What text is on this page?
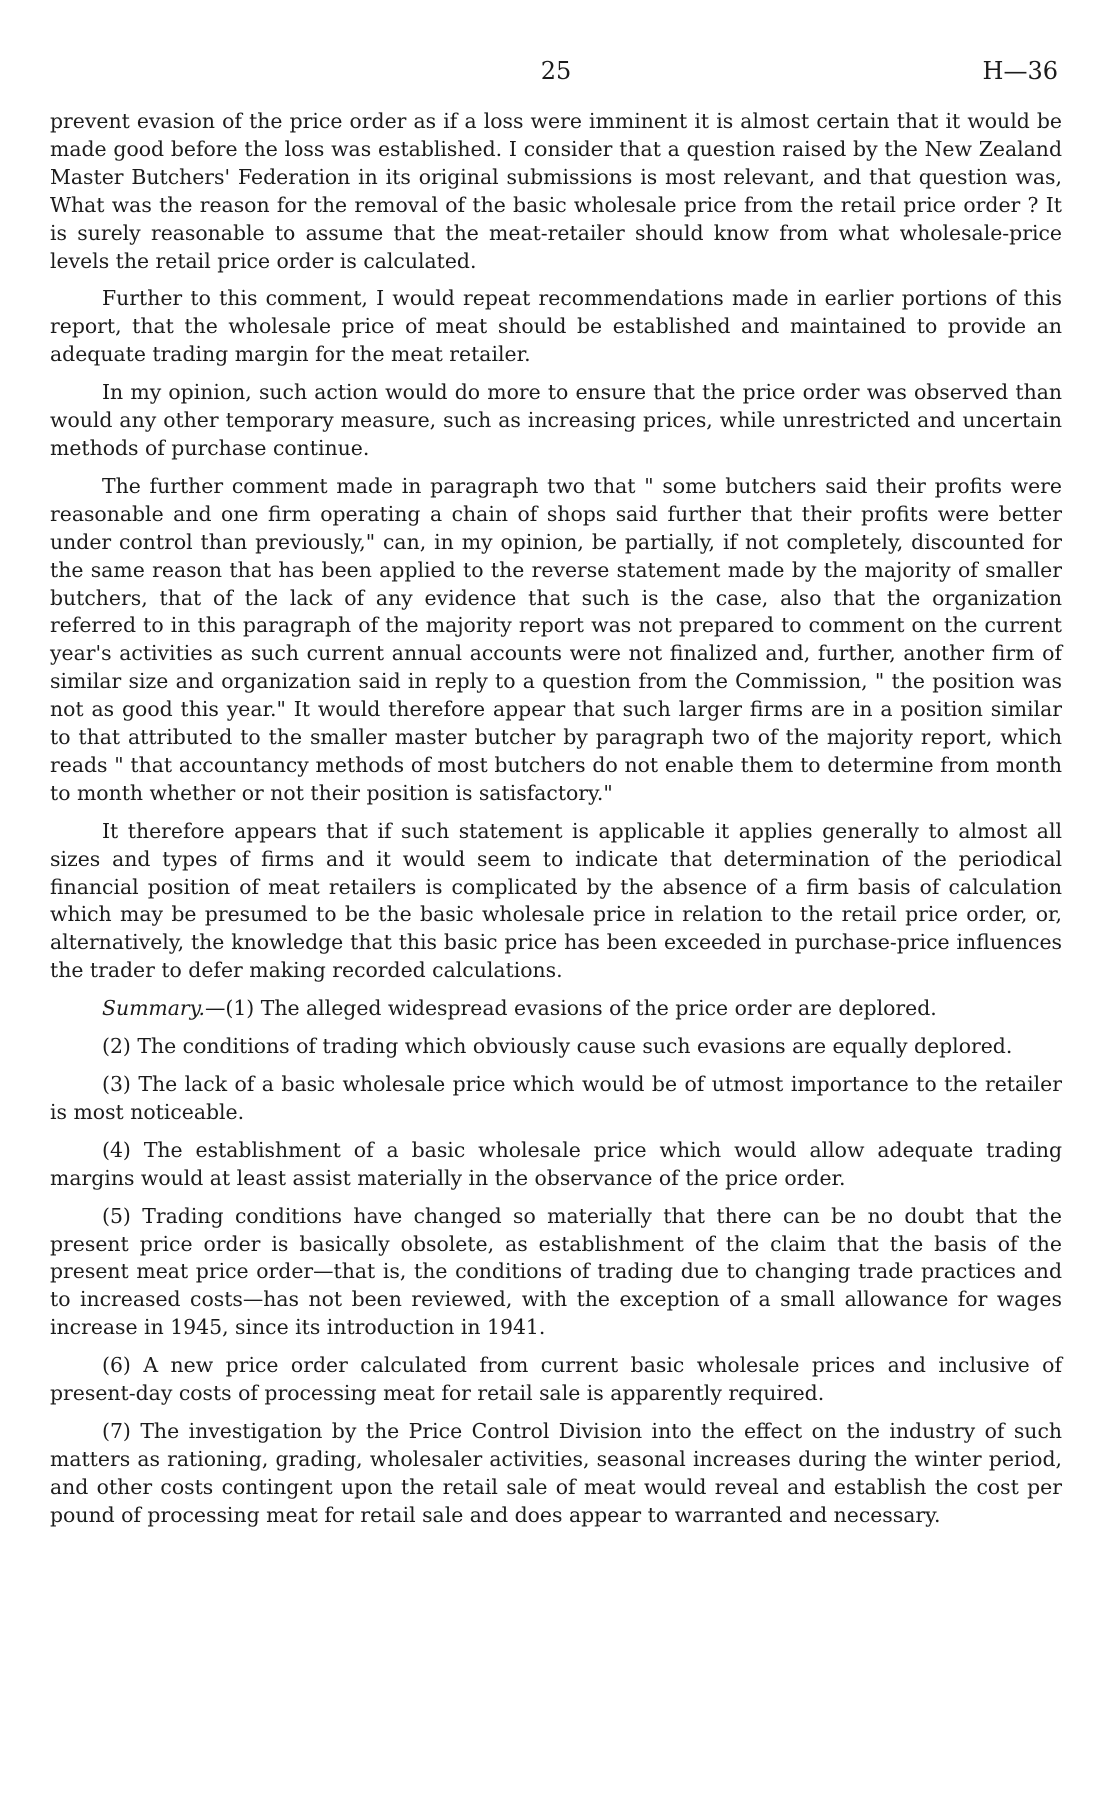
25	H—36

prevent evasion of the price order as if a loss were imminent it is almost certain that it would be made good before the loss was established. I consider that a question raised by the New Zealand Master Butchers' Federation in its original submissions is most relevant, and that question was, What was the reason for the removal of the basic wholesale price from the retail price order ? It is surely reasonable to assume that the meat-retailer should know from what wholesale-price levels the retail price order is calculated.

Further to this comment, I would repeat recommendations made in earlier portions of this report, that the wholesale price of meat should be established and maintained to provide an adequate trading margin for the meat retailer.

In my opinion, such action would do more to ensure that the price order was observed than would any other temporary measure, such as increasing prices, while unrestricted and uncertain methods of purchase continue.

The further comment made in paragraph two that " some butchers said their profits were reasonable and one firm operating a chain of shops said further that their profits were better under control than previously," can, in my opinion, be partially, if not completely, discounted for the same reason that has been applied to the reverse statement made by the majority of smaller butchers, that of the lack of any evidence that such is the case, also that the organization referred to in this paragraph of the majority report was not prepared to comment on the current year's activities as such current annual accounts were not finalized and, further, another firm of similar size and organization said in reply to a question from the Commission, " the position was not as good this year." It would therefore appear that such larger firms are in a position similar to that attributed to the smaller master butcher by paragraph two of the majority report, which reads " that accountancy methods of most butchers do not enable them to determine from month to month whether or not their position is satisfactory."

It therefore appears that if such statement is applicable it applies generally to almost all sizes and types of firms and it would seem to indicate that determination of the periodical financial position of meat retailers is complicated by the absence of a firm basis of calculation which may be presumed to be the basic wholesale price in relation to the retail price order, or, alternatively, the knowledge that this basic price has been exceeded in purchase-price influences the trader to defer making recorded calculations.

Summary.—(1) The alleged widespread evasions of the price order are deplored.

(2) The conditions of trading which obviously cause such evasions are equally deplored.

(3) The lack of a basic wholesale price which would be of utmost importance to the retailer is most noticeable.

(4) The establishment of a basic wholesale price which would allow adequate trading margins would at least assist materially in the observance of the price order.

(5) Trading conditions have changed so materially that there can be no doubt that the present price order is basically obsolete, as establishment of the claim that the basis of the present meat price order—that is, the conditions of trading due to changing trade practices and to increased costs—has not been reviewed, with the exception of a small allowance for wages increase in 1945, since its introduction in 1941.

(6) A new price order calculated from current basic wholesale prices and inclusive of present-day costs of processing meat for retail sale is apparently required.

(7) The investigation by the Price Control Division into the effect on the industry of such matters as rationing, grading, wholesaler activities, seasonal increases during the winter period, and other costs contingent upon the retail sale of meat would reveal and establish the cost per pound of processing meat for retail sale and does appear to warranted and necessary.
